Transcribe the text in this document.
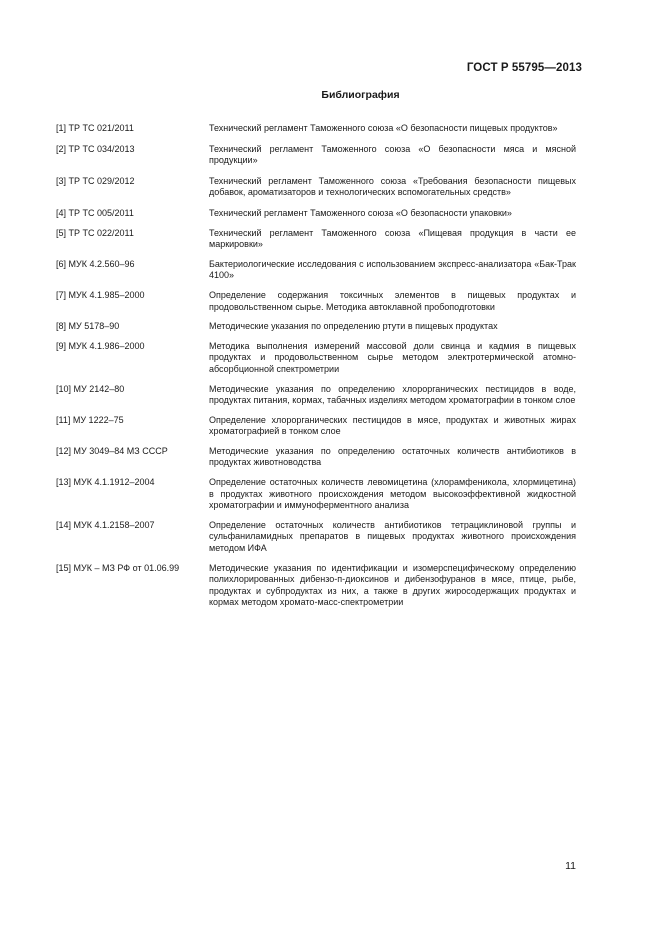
ГОСТ Р 55795—2013
Библиография
[1] ТР ТС 021/2011	Технический регламент Таможенного союза «О безопасности пищевых продуктов»
[2] ТР ТС 034/2013	Технический регламент Таможенного союза «О безопасности мяса и мясной продукции»
[3] ТР ТС 029/2012	Технический регламент Таможенного союза «Требования безопасности пищевых добавок, ароматизаторов и технологических вспомогательных средств»
[4] ТР ТС 005/2011	Технический регламент Таможенного союза «О безопасности упаковки»
[5] ТР ТС 022/2011	Технический регламент Таможенного союза «Пищевая продукция в части ее маркировки»
[6] МУК 4.2.560–96	Бактериологические исследования с использованием экспресс-анализатора «Бак-Трак 4100»
[7] МУК 4.1.985–2000	Определение содержания токсичных элементов в пищевых продуктах и продовольственном сырье. Методика автоклавной пробоподготовки
[8] МУ 5178–90	Методические указания по определению ртути в пищевых продуктах
[9] МУК 4.1.986–2000	Методика выполнения измерений массовой доли свинца и кадмия в пищевых продуктах и продовольственном сырье методом электротермической атомно-абсорбционной спектрометрии
[10] МУ 2142–80	Методические указания по определению хлорорганических пестицидов в воде, продуктах питания, кормах, табачных изделиях методом хроматографии в тонком слое
[11] МУ 1222–75	Определение хлорорганических пестицидов в мясе, продуктах и животных жирах хроматографией в тонком слое
[12] МУ 3049–84 МЗ СССР	Методические указания по определению остаточных количеств антибиотиков в продуктах животноводства
[13] МУК 4.1.1912–2004	Определение остаточных количеств левомицетина (хлорамфеникола, хлормицетина) в продуктах животного происхождения методом высокоэффективной жидкостной хроматографии и иммуноферментного анализа
[14] МУК 4.1.2158–2007	Определение остаточных количеств антибиотиков тетрациклиновой группы и сульфаниламидных препаратов в пищевых продуктах животного происхождения методом ИФА
[15] МУК – МЗ РФ от 01.06.99	Методические указания по идентификации и изомерспецифическому определению полихлорированных дибензо-п-диоксинов и дибензофуранов в мясе, птице, рыбе, продуктах и субпродуктах из них, а также в других жиросодержащих продуктах и кормах методом хромато-масс-спектрометрии
11
